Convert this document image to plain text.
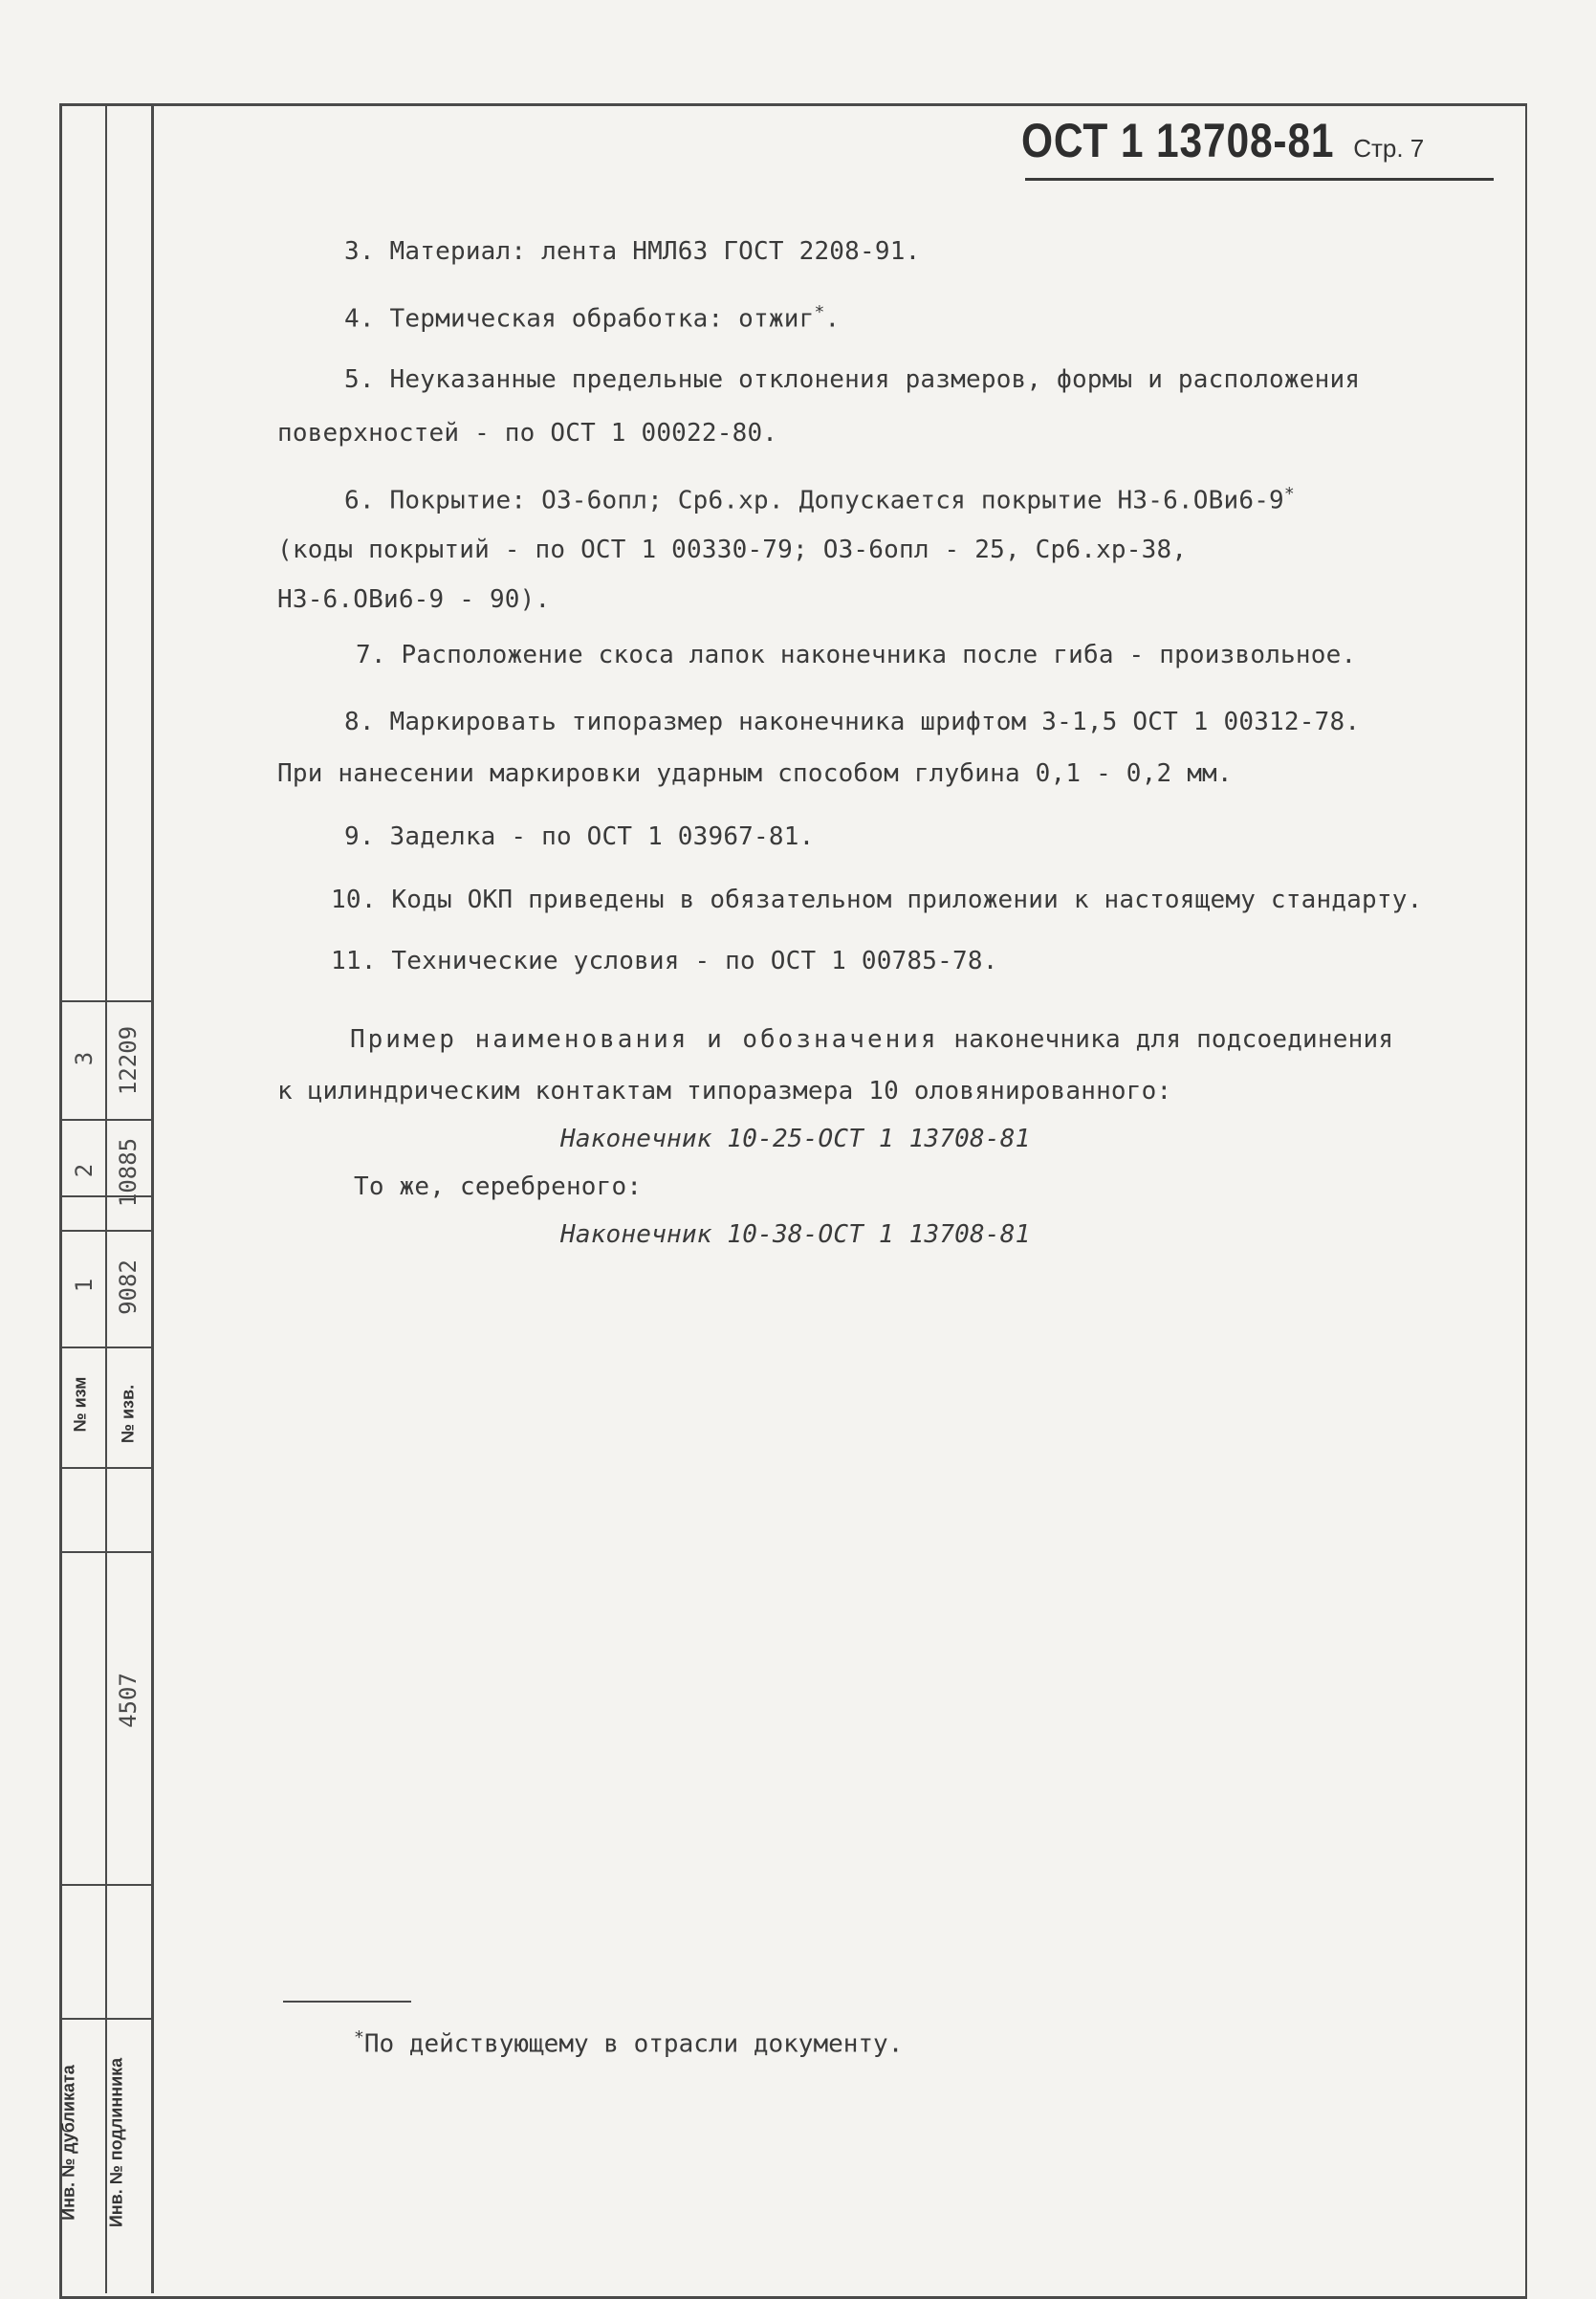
3 12209
2 10885
1 9082
№ изм № изв.
4507
Инв. № дубликата Инв. № подлинника
ОСТ 1 13708-81 Стр. 7
3. Материал: лента НМЛ63 ГОСТ 2208-91.
4. Термическая обработка: отжиг*.
5. Неуказанные предельные отклонения размеров, формы и расположения
поверхностей - по ОСТ 1 00022-80.
6. Покрытие: О3-6опл; Ср6.хр. Допускается покрытие Н3-6.ОВи6-9*
(коды покрытий - по ОСТ 1 00330-79; О3-6опл - 25, Ср6.хр-38,
Н3-6.ОВи6-9 - 90).
7. Расположение скоса лапок наконечника после гиба - произвольное.
8. Маркировать типоразмер наконечника шрифтом 3-1,5 ОСТ 1 00312-78.
При нанесении маркировки ударным способом глубина 0,1 - 0,2 мм.
9. Заделка - по ОСТ 1 03967-81.
10. Коды ОКП приведены в обязательном приложении к настоящему стандарту.
11. Технические условия - по ОСТ 1 00785-78.
Пример наименования и обозначения наконечника для подсоединения
к цилиндрическим контактам типоразмера 10 оловянированного:
Наконечник 10-25-ОСТ 1 13708-81
То же, серебреного:
Наконечник 10-38-ОСТ 1 13708-81
*По действующему в отрасли документу.
